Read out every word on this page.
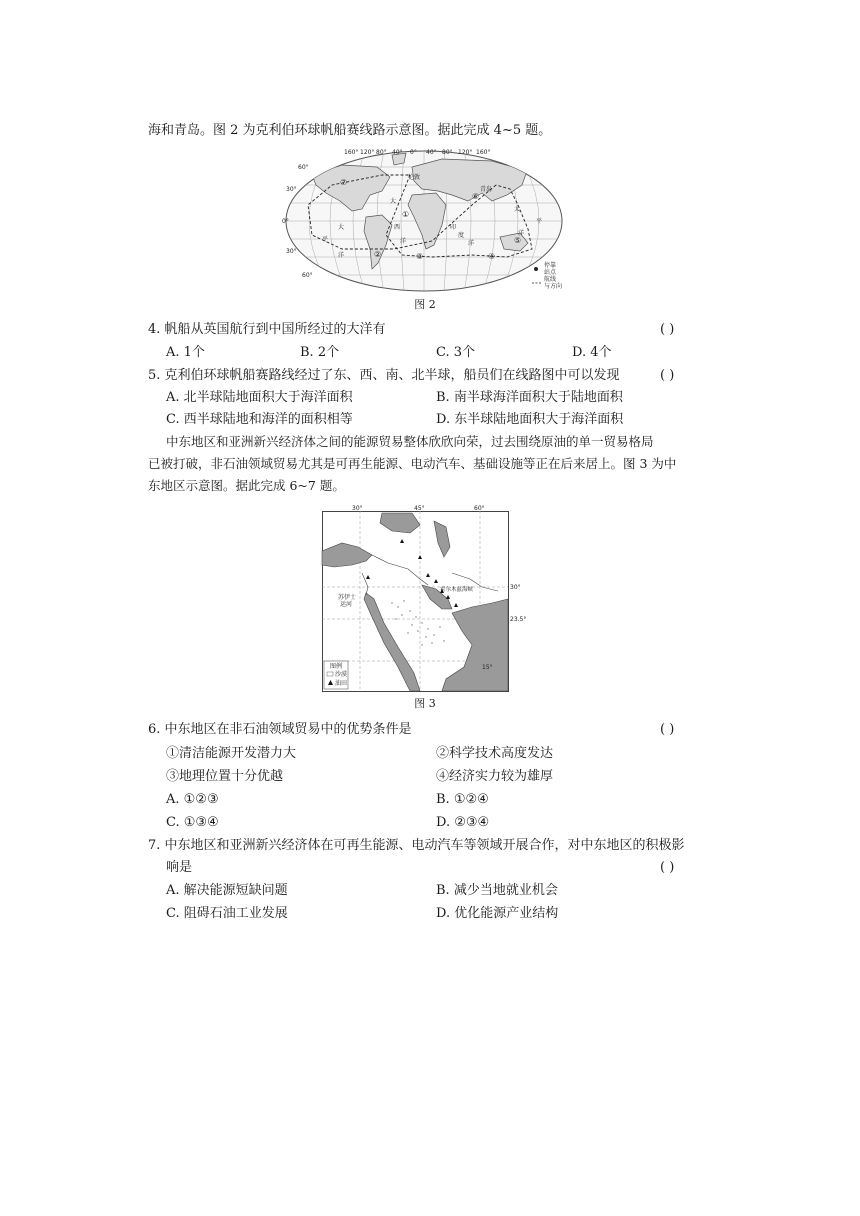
海和青岛。图 2 为克利伯环球帆船赛线路示意图。据此完成 4~5 题。
160° 120° 80° 40° 0° 40° 80° 120° 160°
60°
30°
0°
30°
60°
伦敦
青岛
大
平
洋
大
西
洋
印
度
洋
太
平
洋
①
②	③	④
⑤
⑥
⑦
停靠
站点
航线
与方向
图 2
4. 帆船从英国航行到中国所经过的大洋有	( )
A. 1个	B. 2个	C. 3个	D. 4个
5. 克利伯环球帆船赛路线经过了东、西、南、北半球，船员们在线路图中可以发现	( )
A. 北半球陆地面积大于海洋面积	B. 南半球海洋面积大于陆地面积
C. 西半球陆地和海洋的面积相等	D. 东半球陆地面积大于海洋面积
中东地区和亚洲新兴经济体之间的能源贸易整体欣欣向荣，过去围绕原油的单一贸易格局
已被打破，非石油领域贸易尤其是可再生能源、电动汽车、基础设施等正在后来居上。图 3 为中
东地区示意图。据此完成 6~7 题。
30°	45°	60°
30°
23.5°
15°
霍尔木兹海峡
苏伊士
运河
图例
沙漠
油田
图 3
6. 中东地区在非石油领域贸易中的优势条件是	( )
①清洁能源开发潜力大	②科学技术高度发达
③地理位置十分优越	④经济实力较为雄厚
A. ①②③	B. ①②④
C. ①③④	D. ②③④
7. 中东地区和亚洲新兴经济体在可再生能源、电动汽车等领域开展合作，对中东地区的积极影
响是	( )
A. 解决能源短缺问题	B. 减少当地就业机会
C. 阻碍石油工业发展	D. 优化能源产业结构
